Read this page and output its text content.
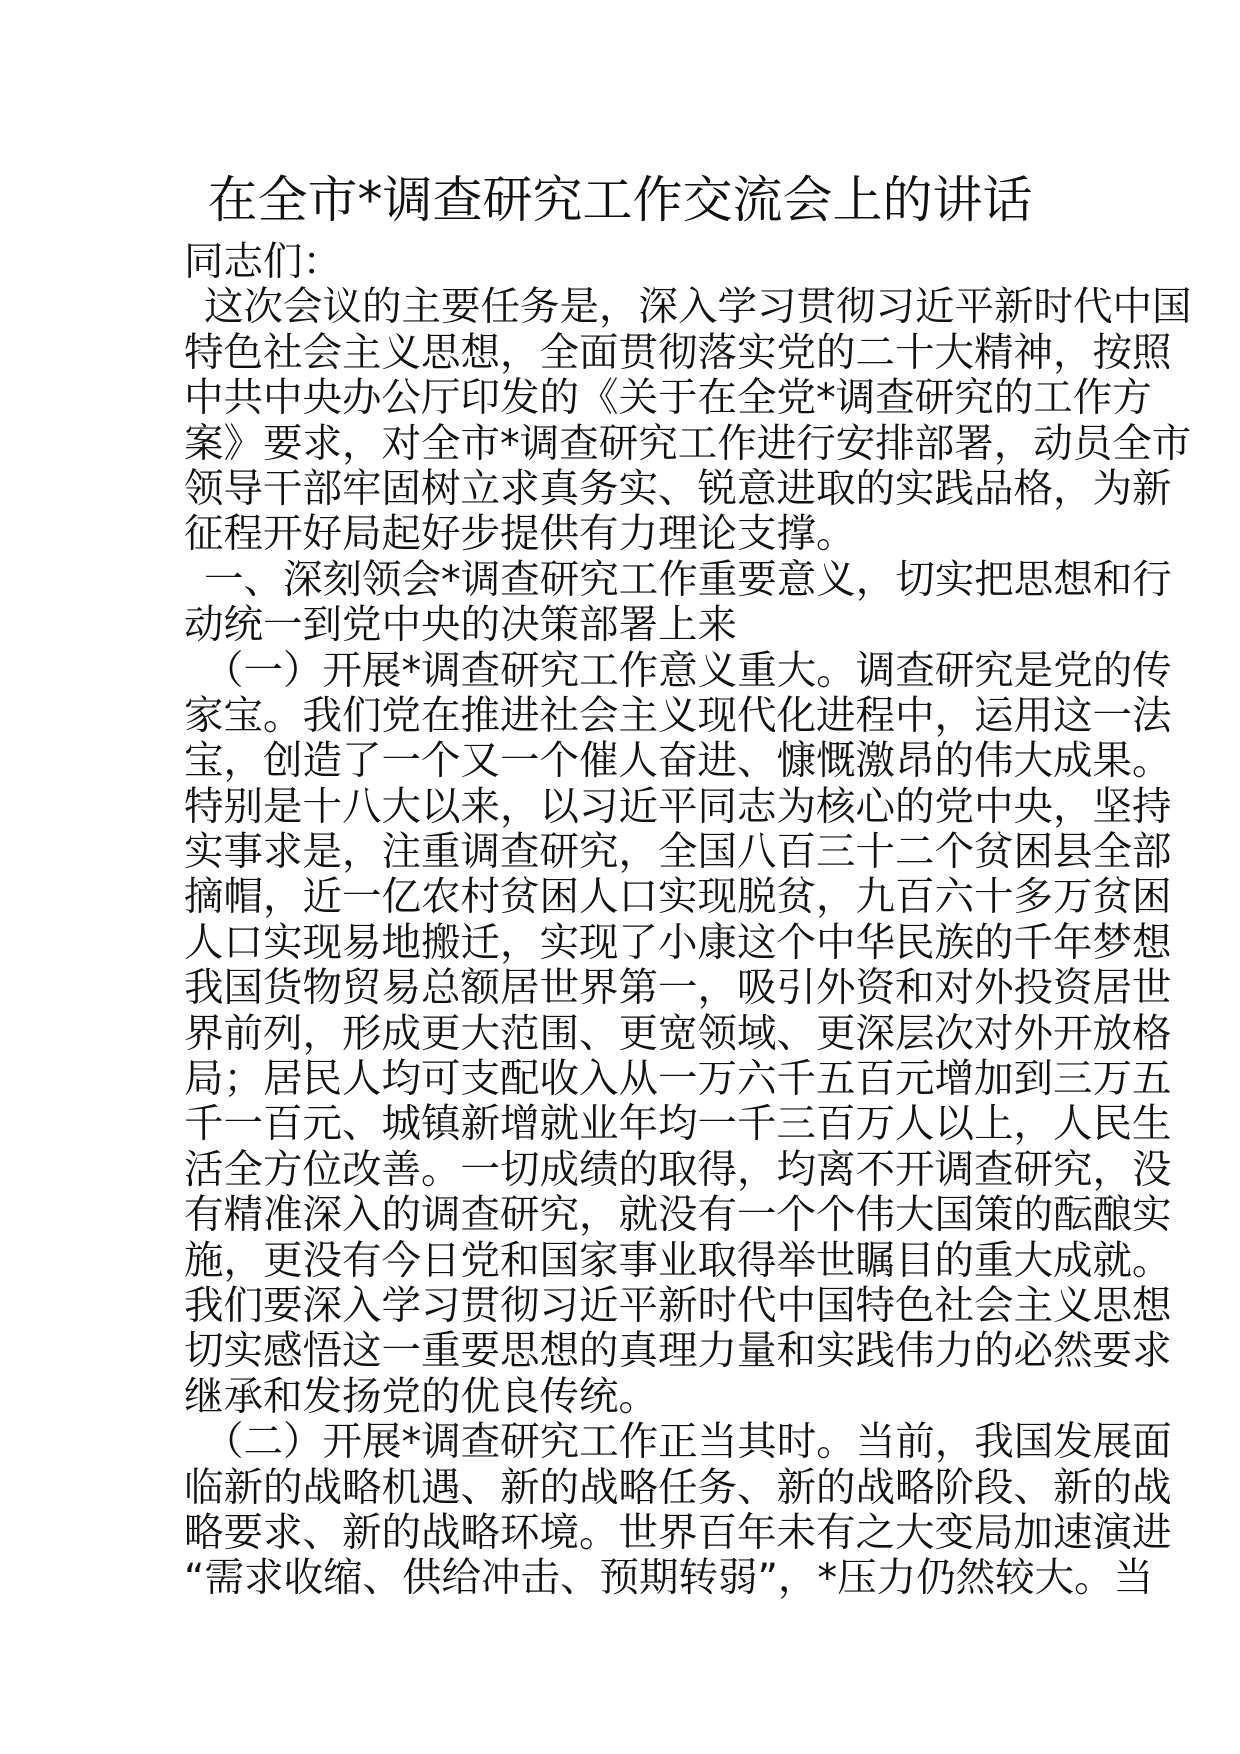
在全市*调查研究工作交流会上的讲话
同志们：
这次会议的主要任务是，深入学习贯彻习近平新时代中国
特色社会主义思想，全面贯彻落实党的二十大精神，按照
中共中央办公厅印发的《关于在全党*调查研究的工作方
案》要求，对全市*调查研究工作进行安排部署，动员全市
领导干部牢固树立求真务实、锐意进取的实践品格，为新
征程开好局起好步提供有力理论支撑。
一、深刻领会*调查研究工作重要意义，切实把思想和行
动统一到党中央的决策部署上来
（一）开展*调查研究工作意义重大。调查研究是党的传
家宝。我们党在推进社会主义现代化进程中，运用这一法
宝，创造了一个又一个催人奋进、慷慨激昂的伟大成果。
特别是十八大以来，以习近平同志为核心的党中央，坚持
实事求是，注重调查研究，全国八百三十二个贫困县全部
摘帽，近一亿农村贫困人口实现脱贫，九百六十多万贫困
人口实现易地搬迁，实现了小康这个中华民族的千年梦想
我国货物贸易总额居世界第一，吸引外资和对外投资居世
界前列，形成更大范围、更宽领域、更深层次对外开放格
局；居民人均可支配收入从一万六千五百元增加到三万五
千一百元、城镇新增就业年均一千三百万人以上，人民生
活全方位改善。一切成绩的取得，均离不开调查研究，没
有精准深入的调查研究，就没有一个个伟大国策的酝酿实
施，更没有今日党和国家事业取得举世瞩目的重大成就。
我们要深入学习贯彻习近平新时代中国特色社会主义思想
切实感悟这一重要思想的真理力量和实践伟力的必然要求
继承和发扬党的优良传统。
（二）开展*调查研究工作正当其时。当前，我国发展面
临新的战略机遇、新的战略任务、新的战略阶段、新的战
略要求、新的战略环境。世界百年未有之大变局加速演进
“需求收缩、供给冲击、预期转弱”，*压力仍然较大。当
